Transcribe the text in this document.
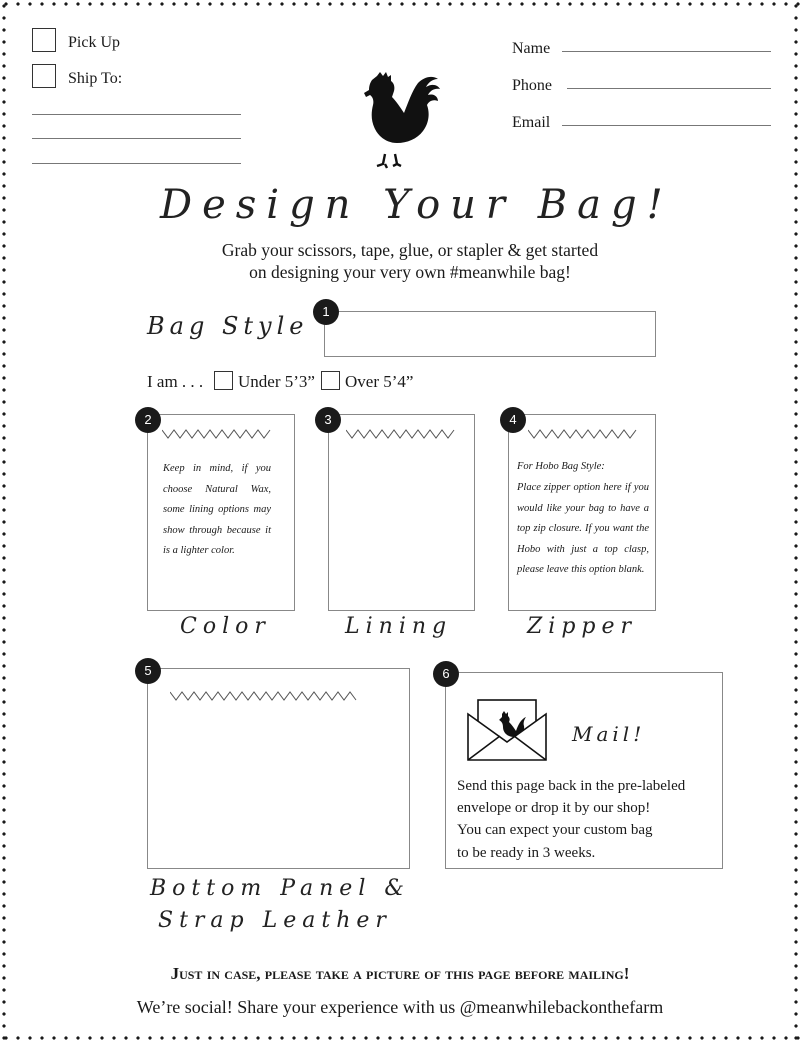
Pick Up
Ship To:
Name
Phone
Email
Design Your Bag!
Grab your scissors, tape, glue, or stapler & get started
on designing your very own #meanwhile bag!
Bag Style
1
I am . . . Under 5’3” Over 5’4”
Keep in mind, if you choose Natural Wax, some lining options may show through because it is a lighter color.
2
Color
3
Lining
For Hobo Bag Style:
Place zipper option here if you would like your bag to have a top zip closure. If you want the Hobo with just a top clasp, please leave this option blank.
4
Zipper
5
Bottom Panel &
Strap Leather
6
Mail!
Send this page back in the pre-labeled
envelope or drop it by our shop!
You can expect your custom bag
to be ready in 3 weeks.
Just in case, please take a picture of this page before mailing!
We’re social! Share your experience with us @meanwhilebackonthefarm
